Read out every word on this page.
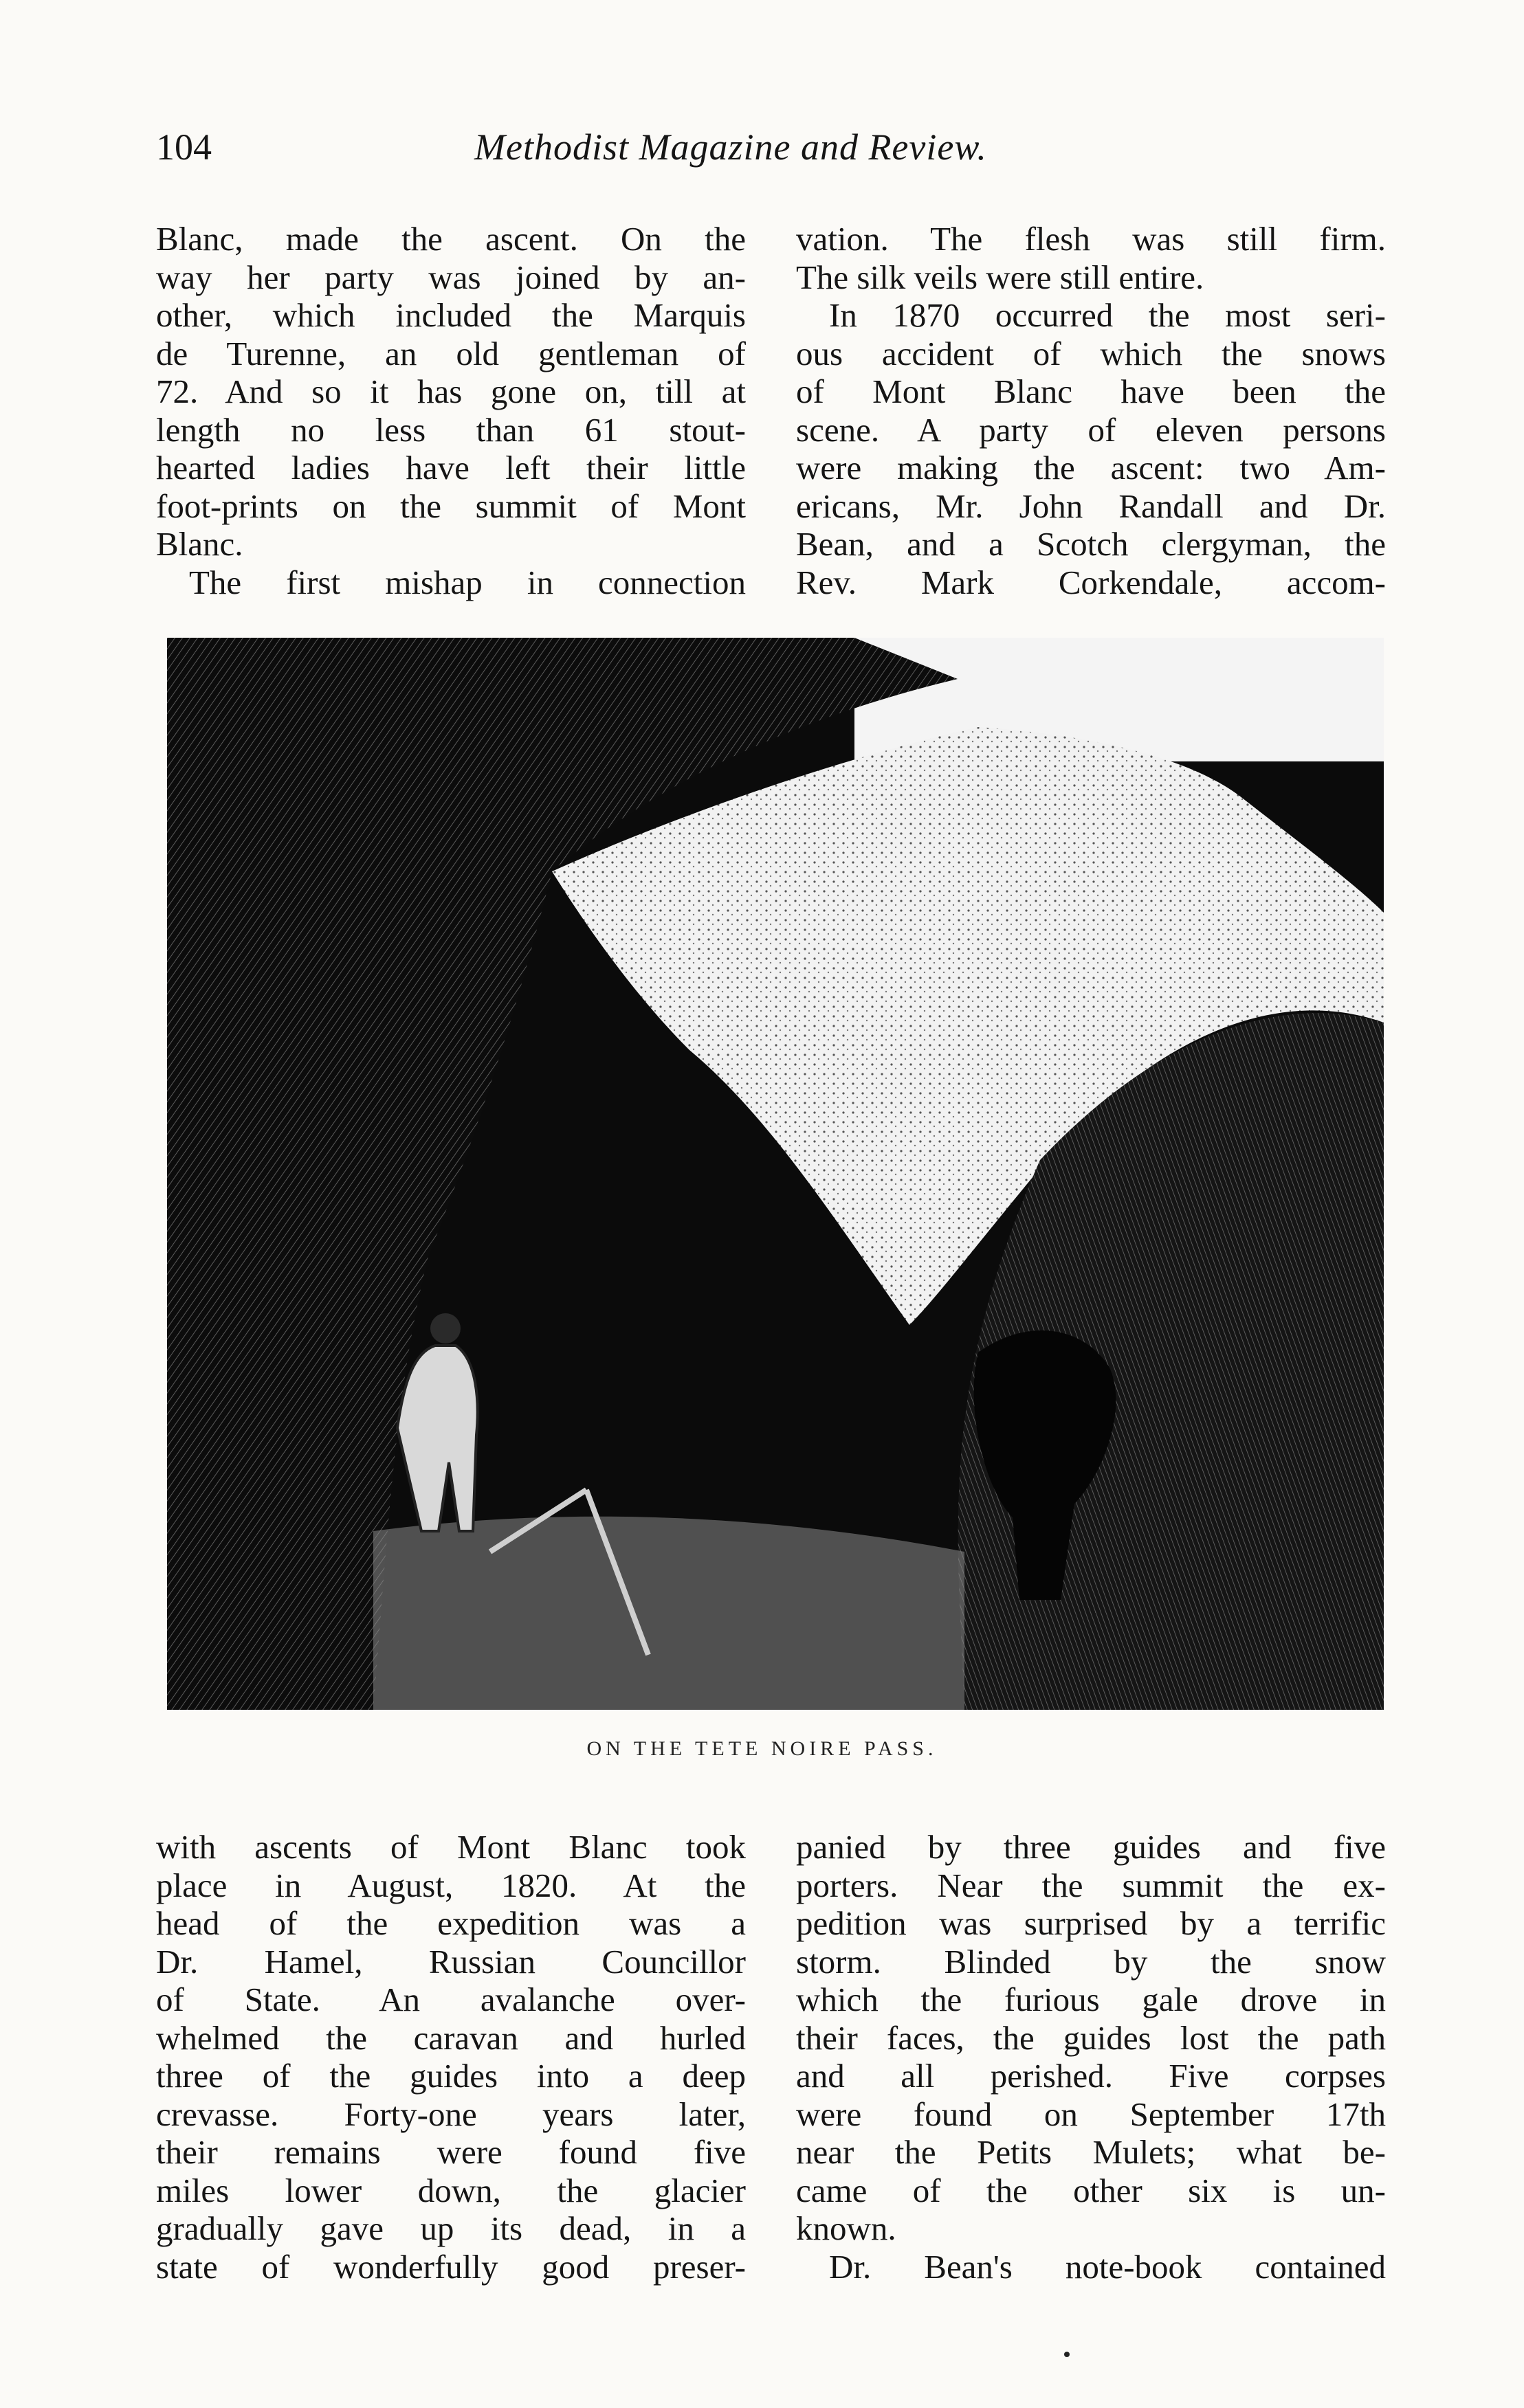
104	Methodist Magazine and Review.
Blanc, made the ascent. On the
way her party was joined by an-
other, which included the Marquis
de Turenne, an old gentleman of
72. And so it has gone on, till at
length no less than 61 stout-
hearted ladies have left their little
foot-prints on the summit of Mont
Blanc.
The first mishap in connection
vation. The flesh was still firm.
The silk veils were still entire.
In 1870 occurred the most seri-
ous accident of which the snows
of Mont Blanc have been the
scene. A party of eleven persons
were making the ascent: two Am-
ericans, Mr. John Randall and Dr.
Bean, and a Scotch clergyman, the
Rev. Mark Corkendale, accom-
ON THE TETE NOIRE PASS.
with ascents of Mont Blanc took
place in August, 1820. At the
head of the expedition was a
Dr. Hamel, Russian Councillor
of State. An avalanche over-
whelmed the caravan and hurled
three of the guides into a deep
crevasse. Forty-one years later,
their remains were found five
miles lower down, the glacier
gradually gave up its dead, in a
state of wonderfully good preser-
panied by three guides and five
porters. Near the summit the ex-
pedition was surprised by a terrific
storm. Blinded by the snow
which the furious gale drove in
their faces, the guides lost the path
and all perished. Five corpses
were found on September 17th
near the Petits Mulets; what be-
came of the other six is un-
known.
Dr. Bean's note-book contained
